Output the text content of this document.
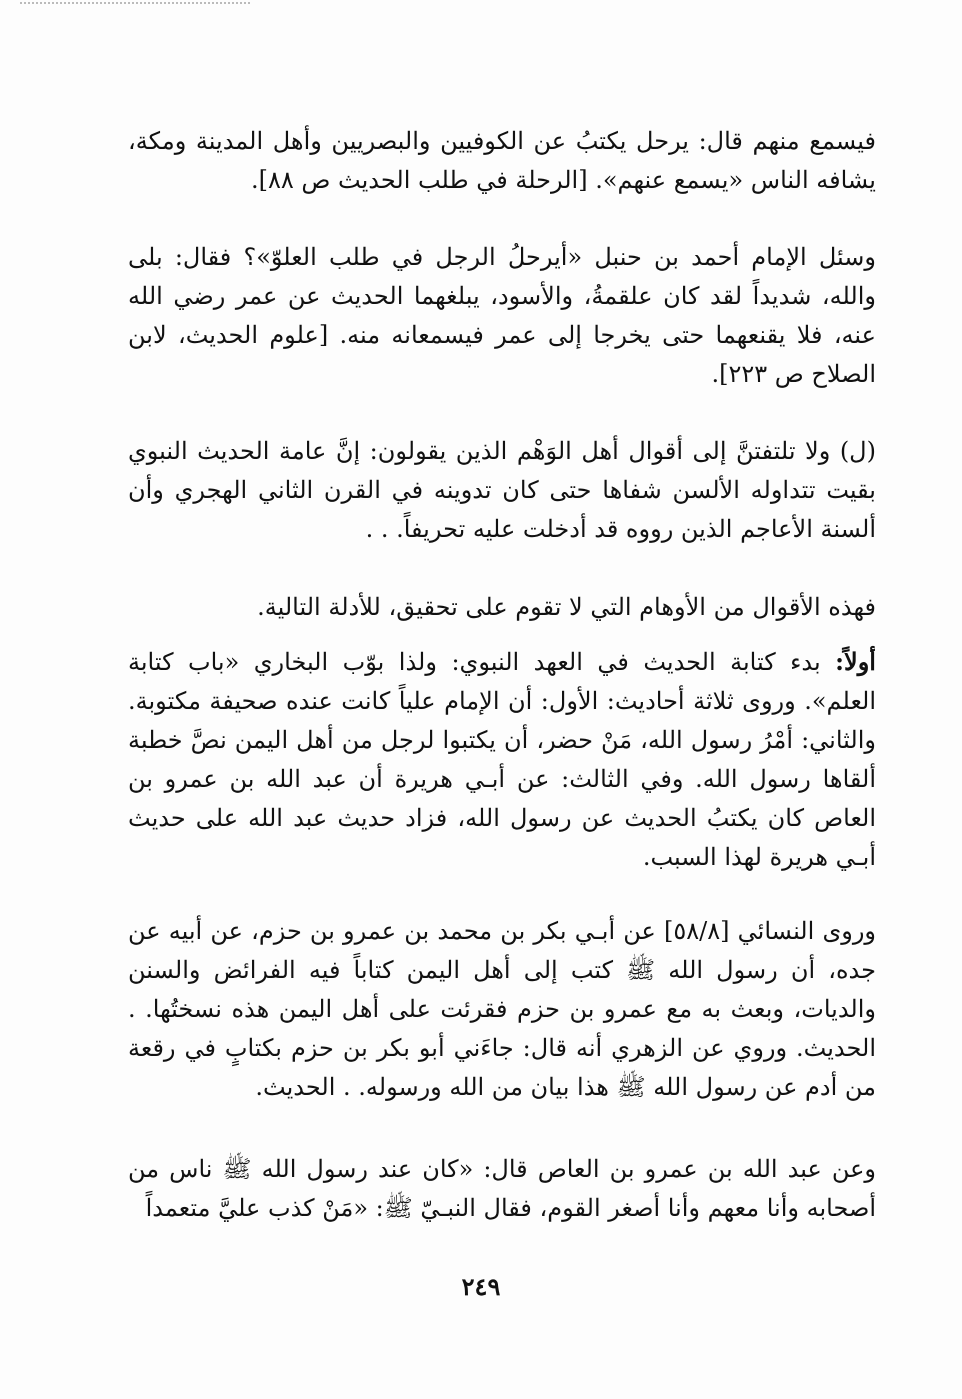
فيسمع منهم قال: يرحل يكتبُ عن الكوفيين والبصريين وأهل المدينة ومكة، يشافه الناس «يسمع عنهم». [الرحلة في طلب الحديث ص ٨٨].

وسئل الإمام أحمد بن حنبل «أيرحلُ الرجل في طلب العلوّ»؟ فقال: بلى والله، شديداً لقد كان علقمةُ، والأسود، يبلغهما الحديث عن عمر رضي الله عنه، فلا يقنعهما حتى يخرجا إلى عمر فيسمعانه منه. [علوم الحديث، لابن الصلاح ص ٢٢٣].

(ل) ولا تلتفتنَّ إلى أقوال أهل الوَهْم الذين يقولون: إنَّ عامة الحديث النبوي بقيت تتداوله الألسن شفاها حتى كان تدوينه في القرن الثاني الهجري وأن ألسنة الأعاجم الذين رووه قد أدخلت عليه تحريفاً. . .

فهذه الأقوال من الأوهام التي لا تقوم على تحقيق، للأدلة التالية.

أولاً: بدء كتابة الحديث في العهد النبوي: ولذا بوّب البخاري «باب كتابة العلم». وروى ثلاثة أحاديث: الأول: أن الإمام علياً كانت عنده صحيفة مكتوبة. والثاني: أمْرُ رسول الله، مَنْ حضر، أن يكتبوا لرجل من أهل اليمن نصَّ خطبة ألقاها رسول الله. وفي الثالث: عن أبـي هريرة أن عبد الله بن عمرو بن العاص كان يكتبُ الحديث عن رسول الله، فزاد حديث عبد الله على حديث أبـي هريرة لهذا السبب.

وروى النسائي [٥٨/٨] عن أبـي بكر بن محمد بن عمرو بن حزم، عن أبيه عن جده، أن رسول الله ﷺ كتب إلى أهل اليمن كتاباً فيه الفرائض والسنن والديات، وبعث به مع عمرو بن حزم فقرئت على أهل اليمن هذه نسختُها. . الحديث. وروي عن الزهري أنه قال: جاءَني أبو بكر بن حزم بكتابٍ في رقعة من أدم عن رسول الله ﷺ هذا بيان من الله ورسوله. . الحديث.

وعن عبد الله بن عمرو بن العاص قال: «كان عند رسول الله ﷺ ناس من أصحابه وأنا معهم وأنا أصغر القوم، فقال النبـيّ ﷺ: «مَنْ كذب عليَّ متعمداً

٢٤٩
